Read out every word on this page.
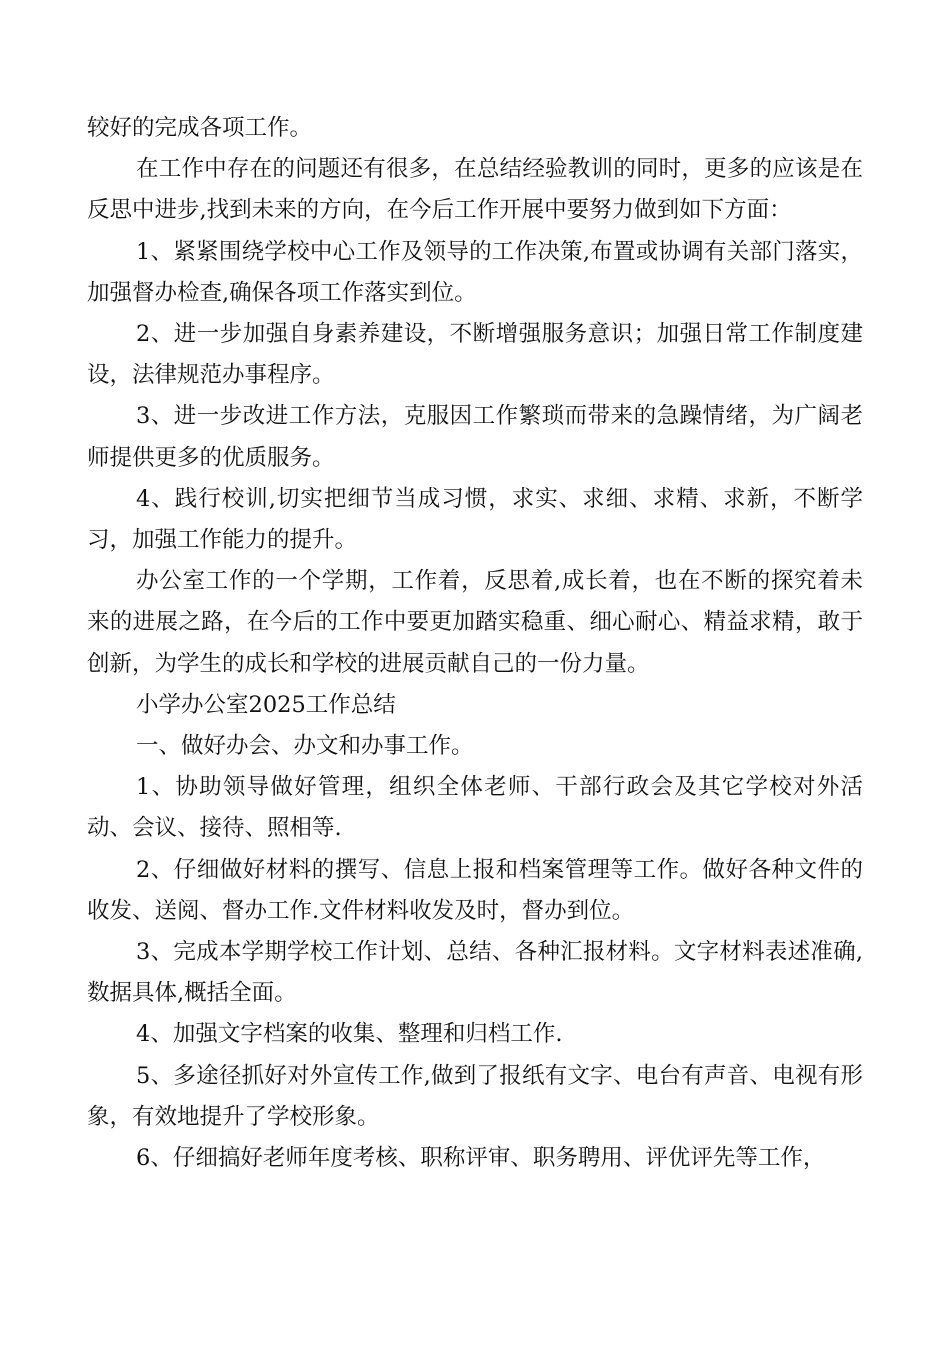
较好的完成各项工作。

在工作中存在的问题还有很多，在总结经验教训的同时，更多的应该是在反思中进步,找到未来的方向，在今后工作开展中要努力做到如下方面：

1、紧紧围绕学校中心工作及领导的工作决策,布置或协调有关部门落实，加强督办检查,确保各项工作落实到位。

2、进一步加强自身素养建设，不断增强服务意识；加强日常工作制度建设，法律规范办事程序。

3、进一步改进工作方法，克服因工作繁琐而带来的急躁情绪，为广阔老师提供更多的优质服务。

4、践行校训,切实把细节当成习惯，求实、求细、求精、求新，不断学习，加强工作能力的提升。

办公室工作的一个学期，工作着，反思着,成长着，也在不断的探究着未来的进展之路，在今后的工作中要更加踏实稳重、细心耐心、精益求精，敢于创新，为学生的成长和学校的进展贡献自己的一份力量。

小学办公室2025工作总结

一、做好办会、办文和办事工作。

1、协助领导做好管理，组织全体老师、干部行政会及其它学校对外活动、会议、接待、照相等.

2、仔细做好材料的撰写、信息上报和档案管理等工作。做好各种文件的收发、送阅、督办工作.文件材料收发及时，督办到位。

3、完成本学期学校工作计划、总结、各种汇报材料。文字材料表述准确,数据具体,概括全面。

4、加强文字档案的收集、整理和归档工作.

5、多途径抓好对外宣传工作,做到了报纸有文字、电台有声音、电视有形象，有效地提升了学校形象。

6、仔细搞好老师年度考核、职称评审、职务聘用、评优评先等工作，
